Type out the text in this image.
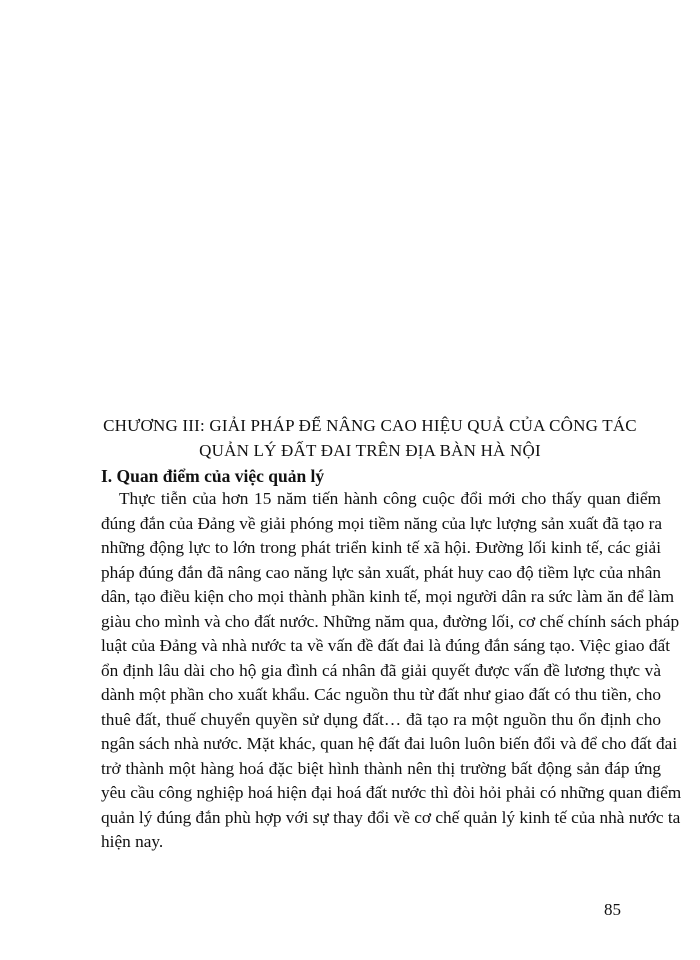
CHƯƠNG III: GIẢI PHÁP ĐỂ NÂNG CAO HIỆU QUẢ CỦA CÔNG TÁC
QUẢN LÝ ĐẤT ĐAI TRÊN ĐỊA BÀN HÀ NỘI
I. Quan điểm của việc quản lý
Thực tiễn của hơn 15 năm tiến hành công cuộc đổi mới cho thấy quan điểm
đúng đắn của Đảng về giải phóng mọi tiềm năng của lực lượng sản xuất đã tạo ra
những động lực to lớn trong phát triển kinh tế xã hội. Đường lối kinh tế, các giải
pháp đúng đắn đã nâng cao năng lực sản xuất, phát huy cao độ tiềm lực của nhân
dân, tạo điều kiện cho mọi thành phần kinh tế, mọi người dân ra sức làm ăn để làm
giàu cho mình và cho đất nước. Những năm qua, đường lối, cơ chế chính sách pháp
luật của Đảng và nhà nước ta về vấn đề đất đai là đúng đắn sáng tạo. Việc giao đất
ổn định lâu dài cho hộ gia đình cá nhân đã giải quyết được vấn đề lương thực và
dành một phần cho xuất khẩu. Các nguồn thu từ đất như giao đất có thu tiền, cho
thuê đất, thuế chuyển quyền sử dụng đất… đã tạo ra một nguồn thu ổn định cho
ngân sách nhà nước. Mặt khác, quan hệ đất đai luôn luôn biến đổi và để cho đất đai
trở thành một hàng hoá đặc biệt hình thành nên thị trường bất động sản đáp ứng
yêu cầu công nghiệp hoá hiện đại hoá đất nước thì đòi hỏi phải có những quan điểm
quản lý đúng đắn phù hợp với sự thay đổi về cơ chế quản lý kinh tế của nhà nước ta
hiện nay.
85
